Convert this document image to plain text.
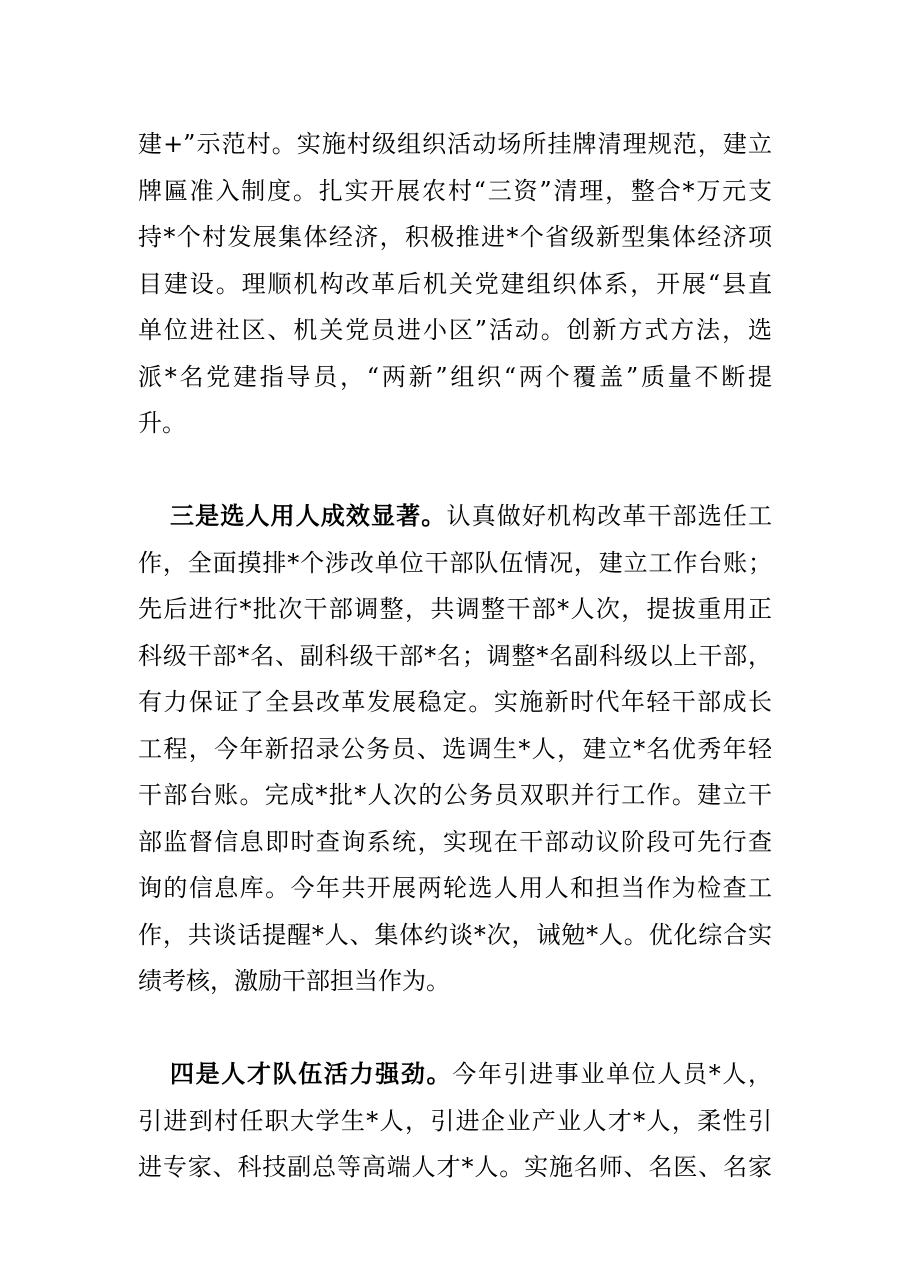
建+”示范村。实施村级组织活动场所挂牌清理规范，建立
牌匾准入制度。扎实开展农村“三资”清理，整合*万元支
持*个村发展集体经济，积极推进*个省级新型集体经济项
目建设。理顺机构改革后机关党建组织体系，开展“县直
单位进社区、机关党员进小区”活动。创新方式方法，选
派*名党建指导员，“两新”组织“两个覆盖”质量不断提
升。
三是选人用人成效显著。认真做好机构改革干部选任工
作，全面摸排*个涉改单位干部队伍情况，建立工作台账；
先后进行*批次干部调整，共调整干部*人次，提拔重用正
科级干部*名、副科级干部*名；调整*名副科级以上干部，
有力保证了全县改革发展稳定。实施新时代年轻干部成长
工程，今年新招录公务员、选调生*人，建立*名优秀年轻
干部台账。完成*批*人次的公务员双职并行工作。建立干
部监督信息即时查询系统，实现在干部动议阶段可先行查
询的信息库。今年共开展两轮选人用人和担当作为检查工
作，共谈话提醒*人、集体约谈*次，诫勉*人。优化综合实
绩考核，激励干部担当作为。
四是人才队伍活力强劲。今年引进事业单位人员*人，
引进到村任职大学生*人，引进企业产业人才*人，柔性引
进专家、科技副总等高端人才*人。实施名师、名医、名家
